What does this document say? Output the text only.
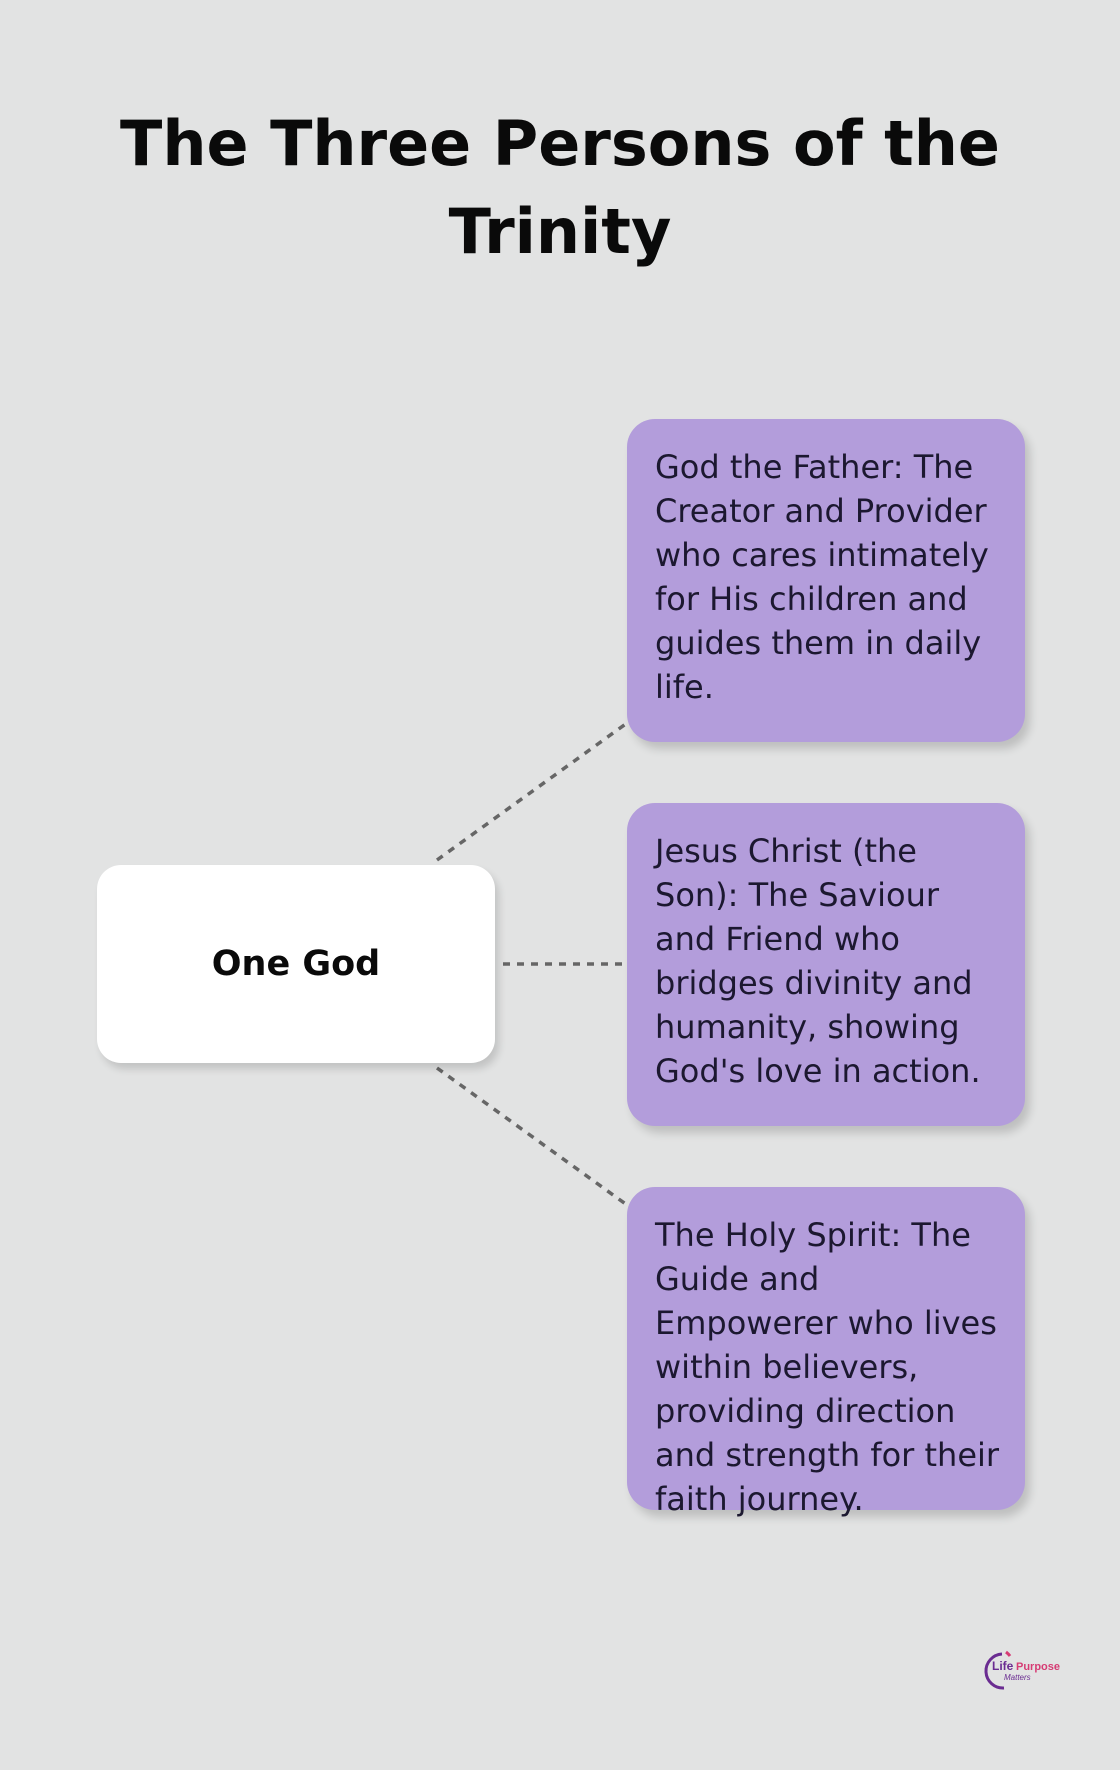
The Three Persons of the Trinity
One God
God the Father: The Creator and Provider who cares intimately for His children and guides them in daily life.
Jesus Christ (the Son): The Saviour and Friend who bridges divinity and humanity, showing God's love in action.
The Holy Spirit: The Guide and Empowerer who lives within believers, providing direction and strength for their faith journey.
Life Purpose
Matters
